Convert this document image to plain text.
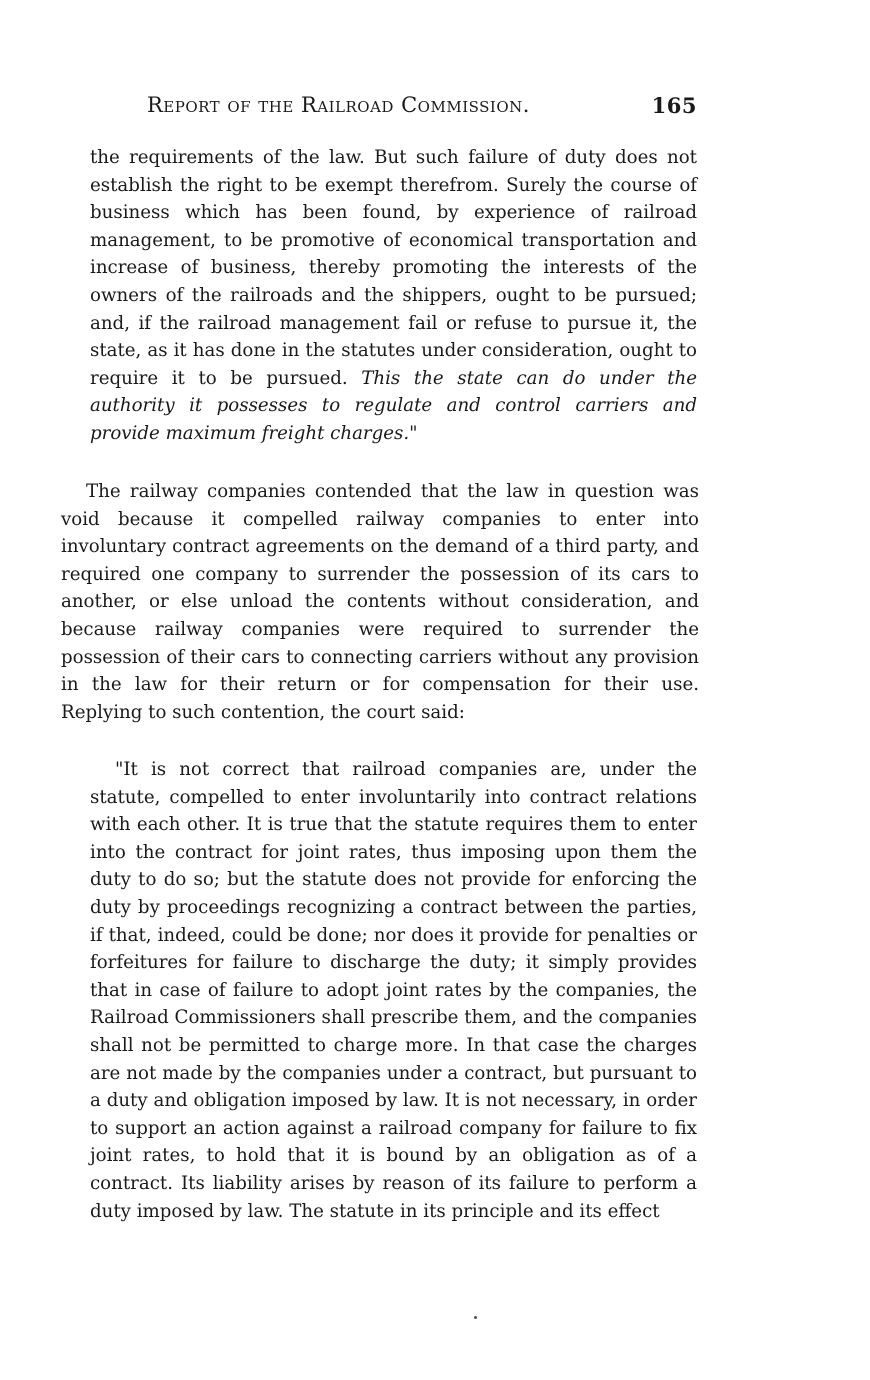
Report of the Railroad Commission.	165

the requirements of the law. But such failure of duty does not establish the right to be exempt therefrom. Surely the course of business which has been found, by experience of railroad management, to be promotive of economical transportation and increase of business, thereby promoting the interests of the owners of the railroads and the shippers, ought to be pursued; and, if the railroad management fail or refuse to pursue it, the state, as it has done in the statutes under consideration, ought to require it to be pursued. This the state can do under the authority it possesses to regulate and control carriers and provide maximum freight charges."

The railway companies contended that the law in question was void because it compelled railway companies to enter into involuntary contract agreements on the demand of a third party, and required one company to surrender the possession of its cars to another, or else unload the contents without consideration, and because railway companies were required to surrender the possession of their cars to connecting carriers without any provision in the law for their return or for compensation for their use. Replying to such contention, the court said:

"It is not correct that railroad companies are, under the statute, compelled to enter involuntarily into contract relations with each other. It is true that the statute requires them to enter into the contract for joint rates, thus imposing upon them the duty to do so; but the statute does not provide for enforcing the duty by proceedings recognizing a contract between the parties, if that, indeed, could be done; nor does it provide for penalties or forfeitures for failure to discharge the duty; it simply provides that in case of failure to adopt joint rates by the companies, the Railroad Commissioners shall prescribe them, and the companies shall not be permitted to charge more. In that case the charges are not made by the companies under a contract, but pursuant to a duty and obligation imposed by law. It is not necessary, in order to support an action against a railroad company for failure to fix joint rates, to hold that it is bound by an obligation as of a contract. Its liability arises by reason of its failure to perform a duty imposed by law. The statute in its principle and its effect
